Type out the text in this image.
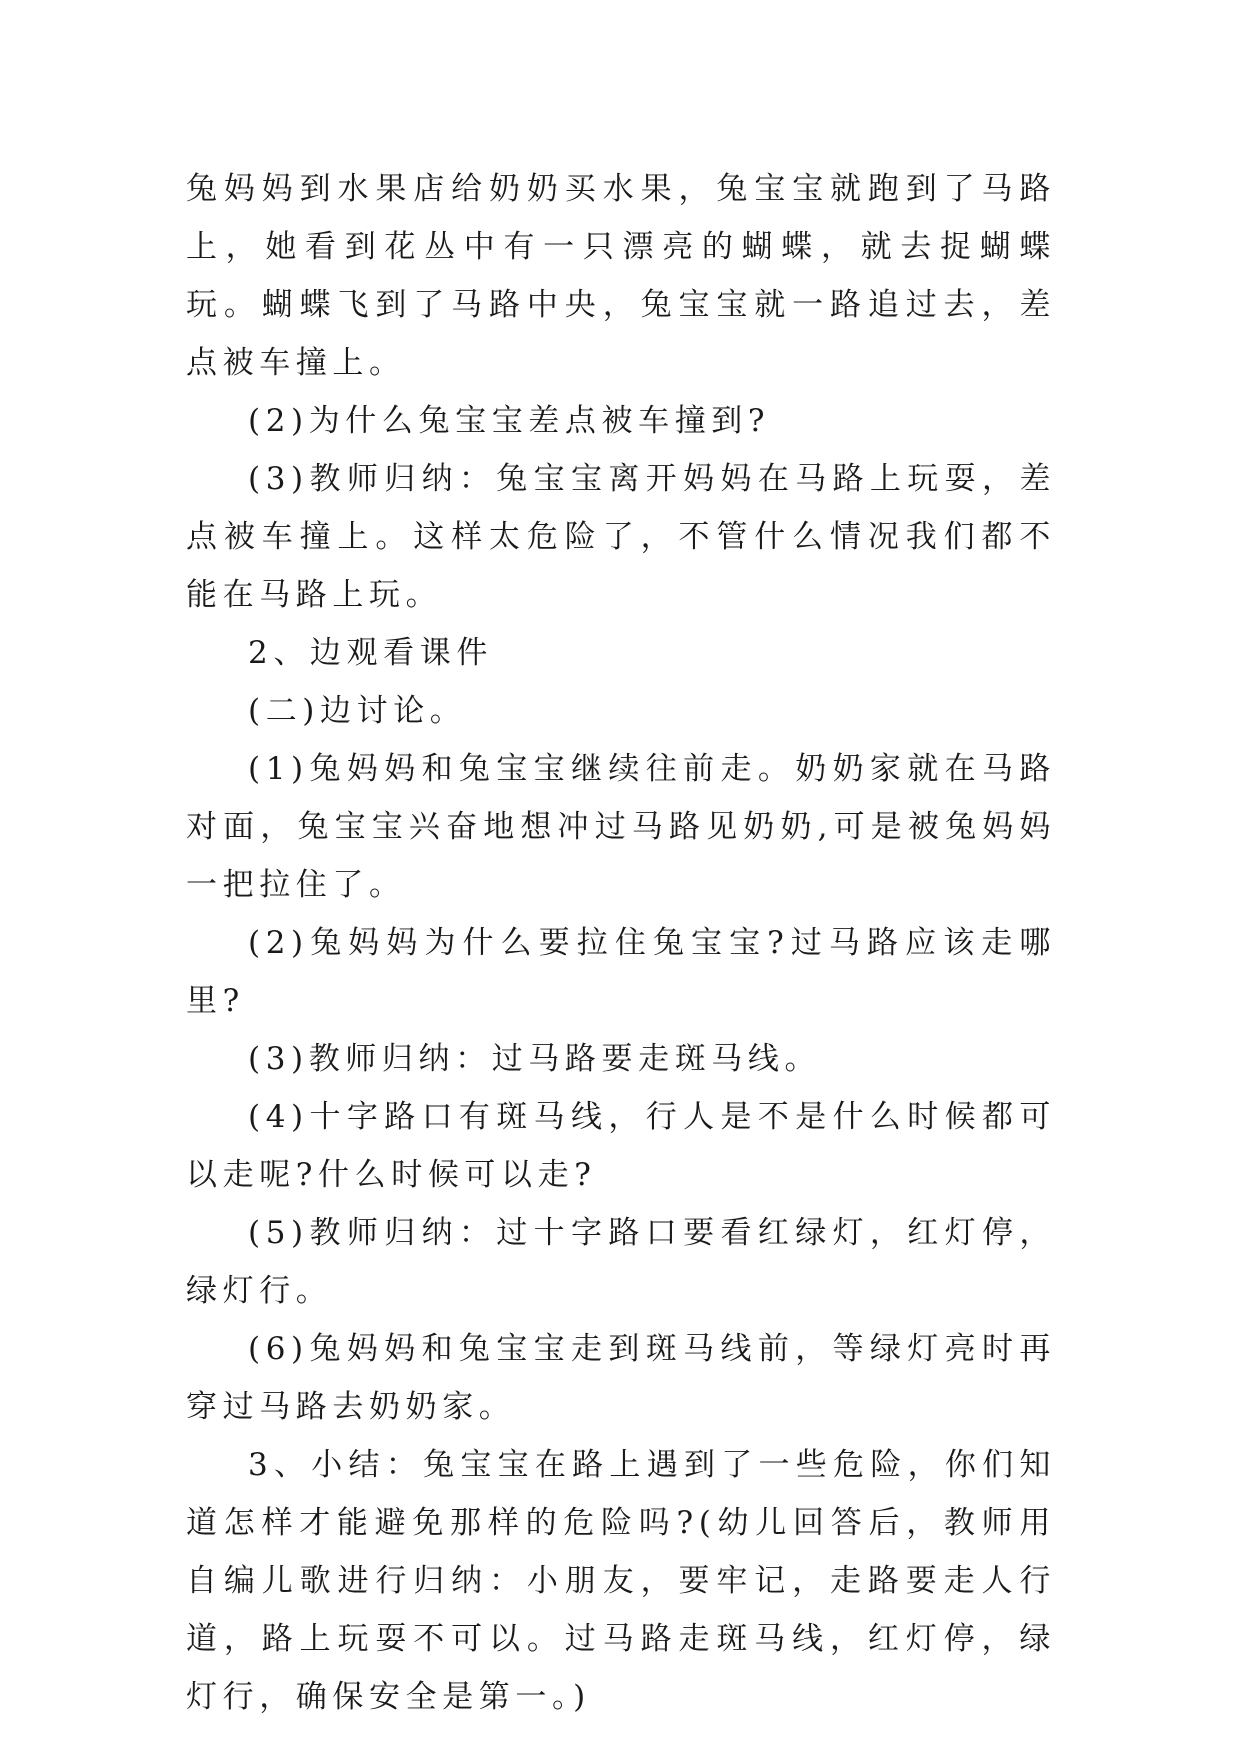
兔妈妈到水果店给奶奶买水果，兔宝宝就跑到了马路上，她看到花丛中有一只漂亮的蝴蝶，就去捉蝴蝶玩。蝴蝶飞到了马路中央，兔宝宝就一路追过去，差点被车撞上。

(2)为什么兔宝宝差点被车撞到?

(3)教师归纳：兔宝宝离开妈妈在马路上玩耍，差点被车撞上。这样太危险了，不管什么情况我们都不能在马路上玩。

2、边观看课件

(二)边讨论。

(1)兔妈妈和兔宝宝继续往前走。奶奶家就在马路对面，兔宝宝兴奋地想冲过马路见奶奶,可是被兔妈妈一把拉住了。

(2)兔妈妈为什么要拉住兔宝宝?过马路应该走哪里?

(3)教师归纳：过马路要走斑马线。

(4)十字路口有斑马线，行人是不是什么时候都可以走呢?什么时候可以走?

(5)教师归纳：过十字路口要看红绿灯，红灯停，绿灯行。

(6)兔妈妈和兔宝宝走到斑马线前，等绿灯亮时再穿过马路去奶奶家。

3、小结：兔宝宝在路上遇到了一些危险，你们知道怎样才能避免那样的危险吗?(幼儿回答后，教师用自编儿歌进行归纳：小朋友，要牢记，走路要走人行道，路上玩耍不可以。过马路走斑马线，红灯停，绿灯行，确保安全是第一。)
